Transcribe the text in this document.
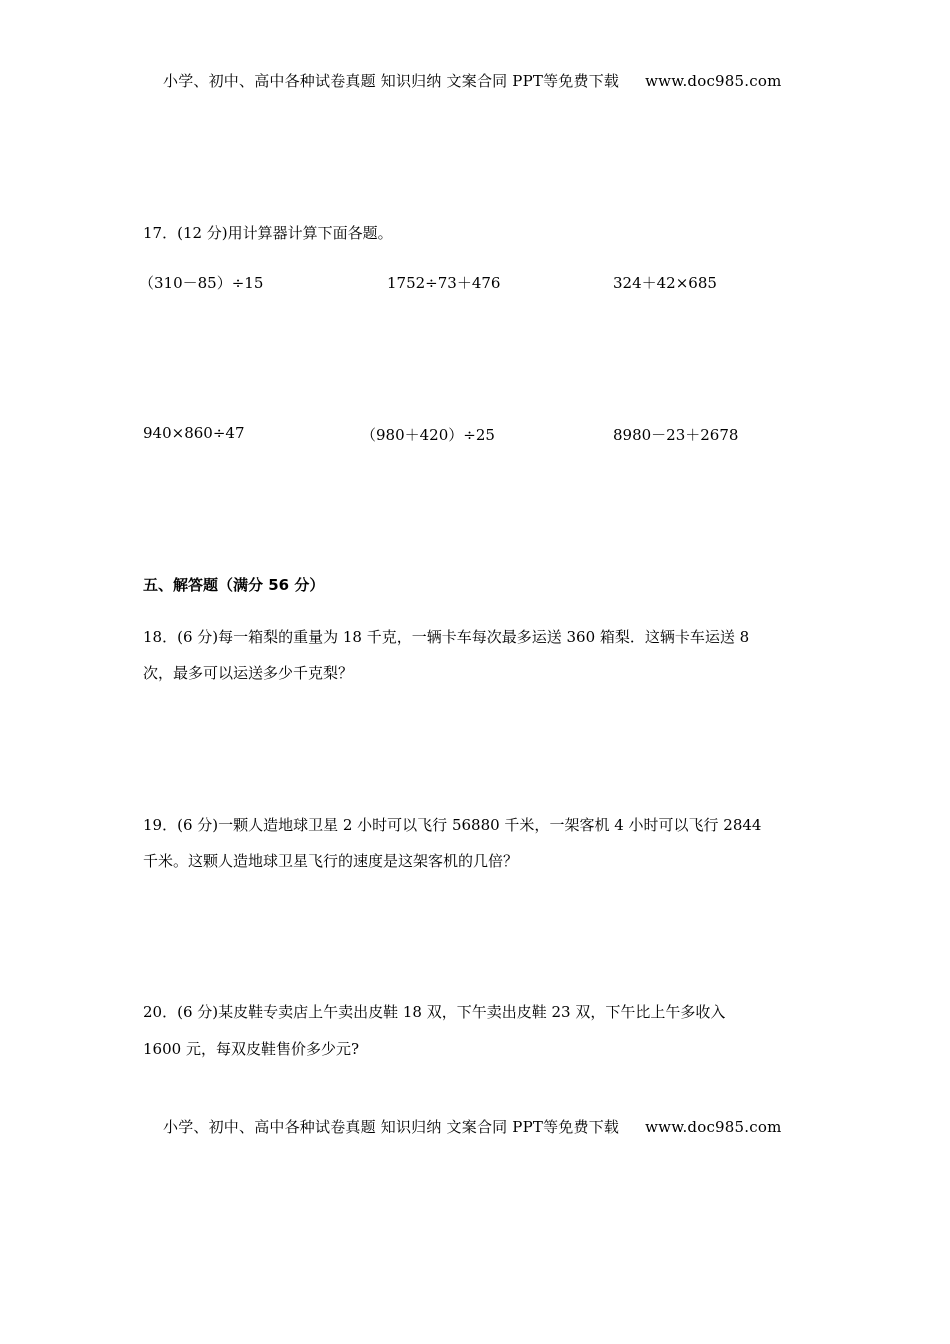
小学、初中、高中各种试卷真题 知识归纳 文案合同 PPT等免费下载 www.doc985.com
17．(12 分)用计算器计算下面各题。
（310－85）÷15	1752÷73＋476	324＋42×685
940×860÷47	（980＋420）÷25	8980－23＋2678
五、解答题（满分 56 分）
18．(6 分)每一箱梨的重量为 18 千克，一辆卡车每次最多运送 360 箱梨．这辆卡车运送 8
次，最多可以运送多少千克梨？
19．(6 分)一颗人造地球卫星 2 小时可以飞行 56880 千米，一架客机 4 小时可以飞行 2844
千米。这颗人造地球卫星飞行的速度是这架客机的几倍？
20．(6 分)某皮鞋专卖店上午卖出皮鞋 18 双，下午卖出皮鞋 23 双，下午比上午多收入
1600 元，每双皮鞋售价多少元?
小学、初中、高中各种试卷真题 知识归纳 文案合同 PPT等免费下载 www.doc985.com
